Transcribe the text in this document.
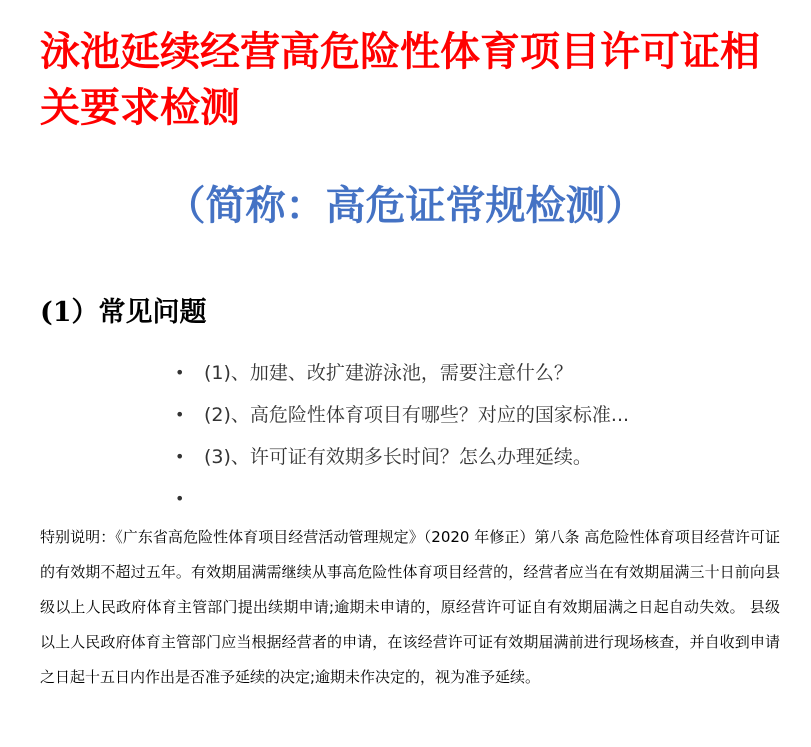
泳池延续经营高危险性体育项目许可证相关要求检测
（简称：高危证常规检测）
(1）常见问题
• (1)、加建、改扩建游泳池，需要注意什么？
• (2)、高危险性体育项目有哪些？对应的国家标准...
• (3)、许可证有效期多长时间？怎么办理延续。
•

特别说明：《广东省高危险性体育项目经营活动管理规定》（2020 年修正）第八条 高危险性体育项目经营许可证的有效期不超过五年。有效期届满需继续从事高危险性体育项目经营的，经营者应当在有效期届满三十日前向县级以上人民政府体育主管部门提出续期申请;逾期未申请的，原经营许可证自有效期届满之日起自动失效。 县级以上人民政府体育主管部门应当根据经营者的申请，在该经营许可证有效期届满前进行现场核查，并自收到申请之日起十五日内作出是否准予延续的决定;逾期未作决定的，视为准予延续。
